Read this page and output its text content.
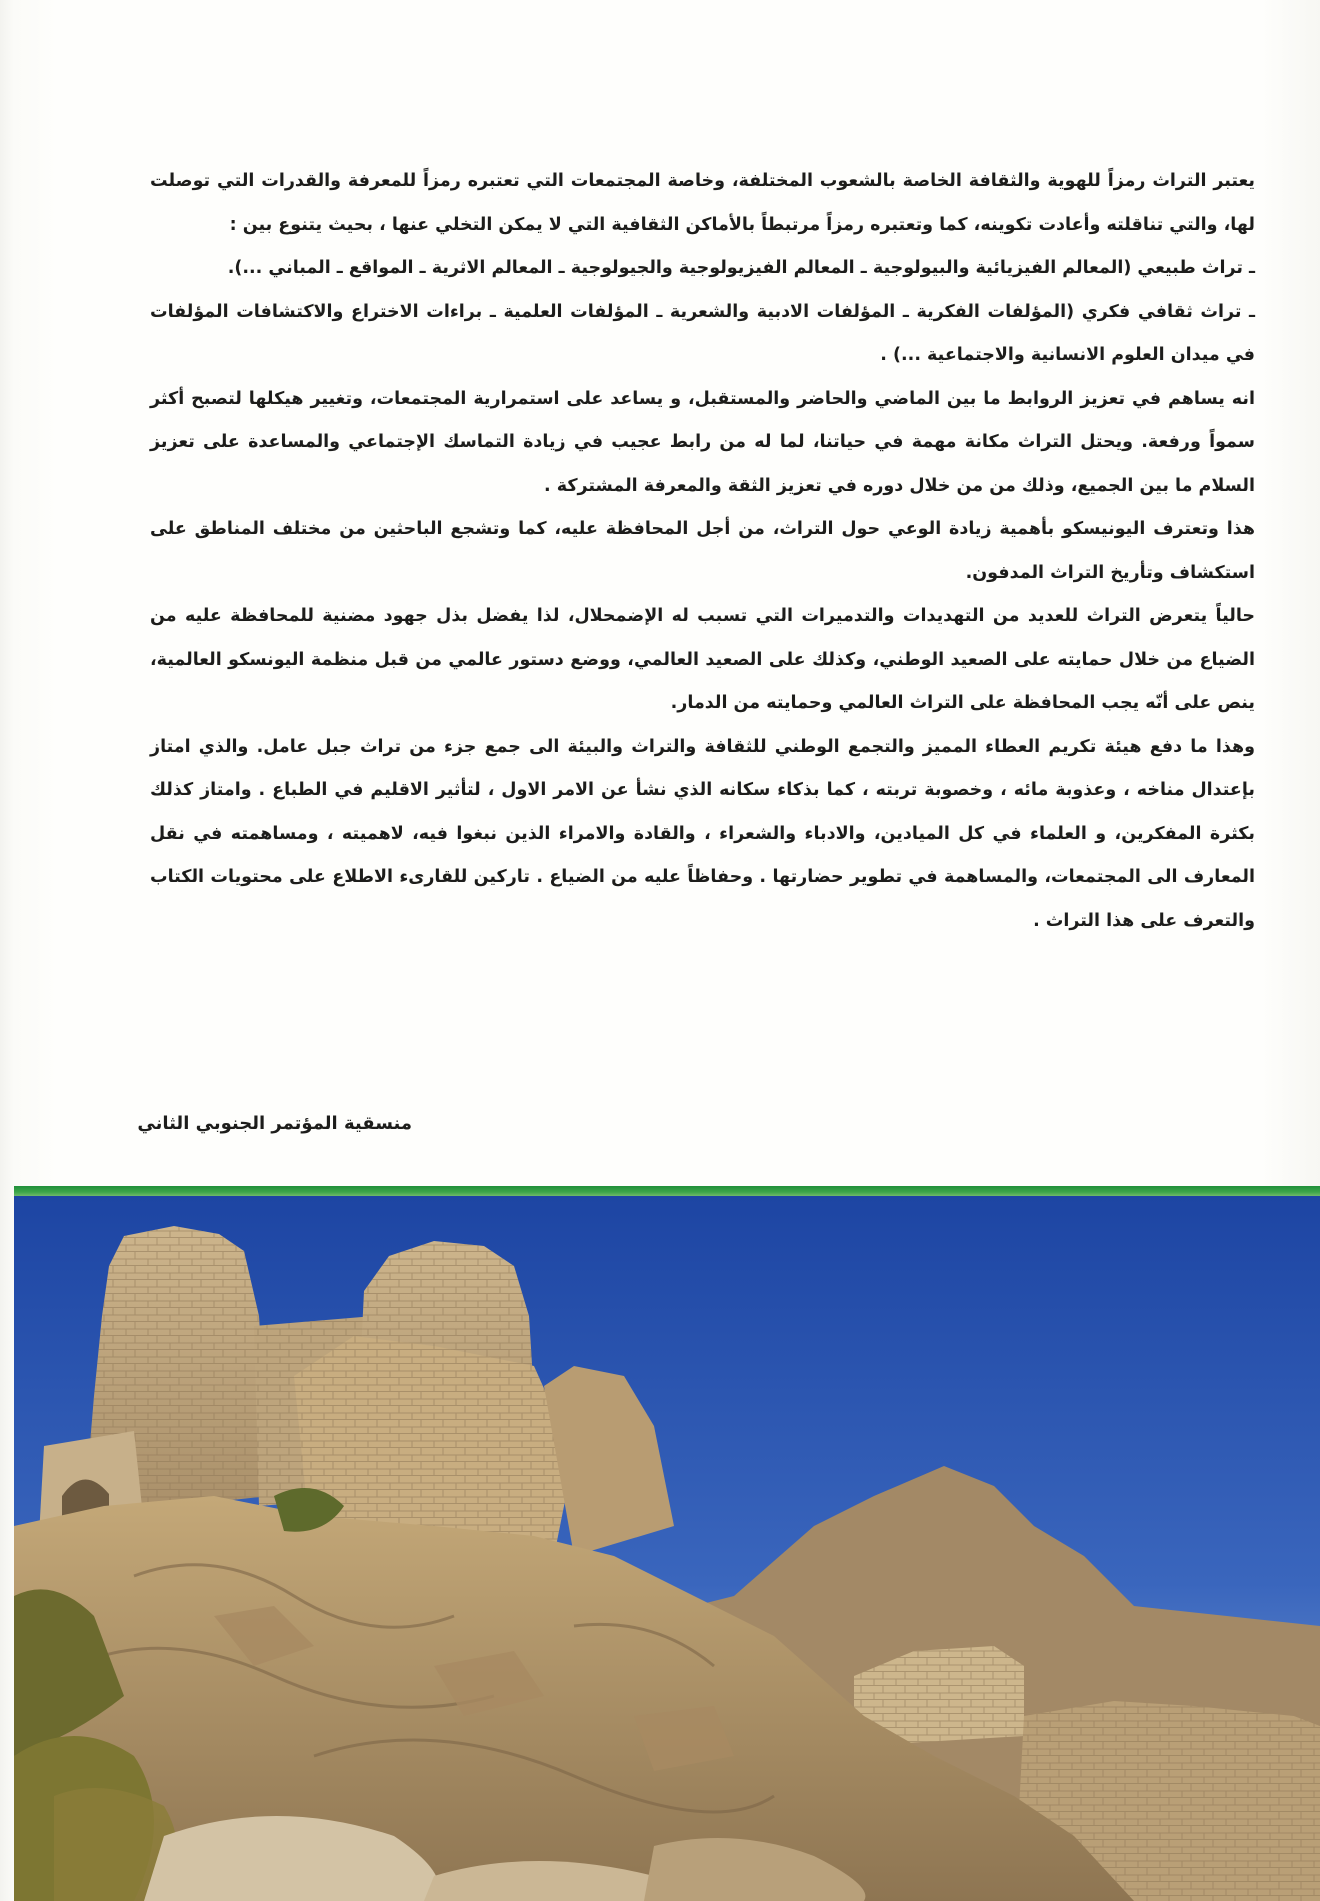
يعتبر التراث رمزاً للهوية والثقافة الخاصة بالشعوب المختلفة، وخاصة المجتمعات التي تعتبره رمزاً للمعرفة والقدرات التي توصلت لها، والتي تناقلته وأعادت تكوينه، كما وتعتبره رمزاً مرتبطاً بالأماكن الثقافية التي لا يمكن التخلي عنها ، بحيث يتنوع بين :

ـ تراث طبيعي (المعالم الفيزيائية والبيولوجية ـ المعالم الفيزيولوجية والجيولوجية ـ المعالم الاثرية ـ المواقع ـ المباني ...).

ـ تراث ثقافي فكري (المؤلفات الفكرية ـ المؤلفات الادبية والشعرية ـ المؤلفات العلمية ـ براءات الاختراع والاكتشافات المؤلفات في ميدان العلوم الانسانية والاجتماعية ...) .

انه يساهم في تعزيز الروابط ما بين الماضي والحاضر والمستقبل، و يساعد على استمرارية المجتمعات، وتغيير هيكلها لتصبح أكثر سمواً ورفعة. ويحتل التراث مكانة مهمة في حياتنا، لما له من رابط عجيب في زيادة التماسك الإجتماعي والمساعدة على تعزيز السلام ما بين الجميع، وذلك من من خلال دوره في تعزيز الثقة والمعرفة المشتركة .

هذا وتعترف اليونيسكو بأهمية زيادة الوعي حول التراث، من أجل المحافظة عليه، كما وتشجع الباحثين من مختلف المناطق على استكشاف وتأريخ التراث المدفون.

حالياً يتعرض التراث للعديد من التهديدات والتدميرات التي تسبب له الإضمحلال، لذا يفضل بذل جهود مضنية للمحافظة عليه من الضياع من خلال حمايته على الصعيد الوطني، وكذلك على الصعيد العالمي، ووضع دستور عالمي من قبل منظمة اليونسكو العالمية، ينص على أنّه يجب المحافظة على التراث العالمي وحمايته من الدمار.

وهذا ما دفع هيئة تكريم العطاء المميز والتجمع الوطني للثقافة والتراث والبيئة الى جمع جزء من تراث جبل عامل. والذي امتاز بإعتدال مناخه ، وعذوبة مائه ، وخصوبة تربته ، كما بذكاء سكانه الذي نشأ عن الامر الاول ، لتأثير الاقليم في الطباع . وامتاز كذلك بكثرة المفكرين، و العلماء في كل الميادين، والادباء والشعراء ، والقادة والامراء الذين نبغوا فيه، لاهميته ، ومساهمته في نقل المعارف الى المجتمعات، والمساهمة في تطوير حضارتها . وحفاظاً عليه من الضياع . تاركين للقارىء الاطلاع على محتويات الكتاب والتعرف على هذا التراث .

منسقية المؤتمر الجنوبي الثاني
